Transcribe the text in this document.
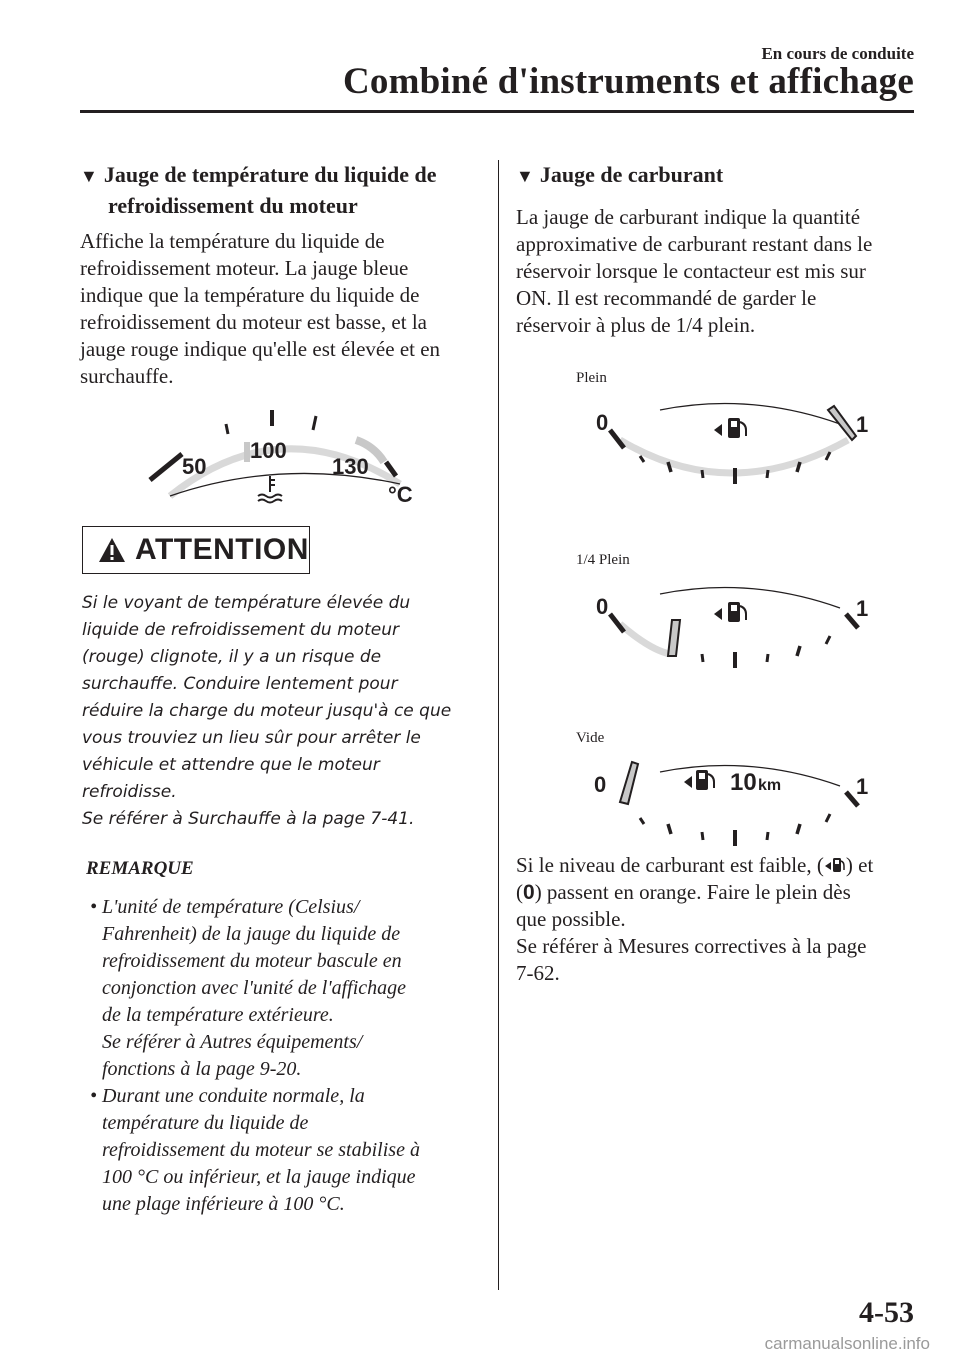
En cours de conduite
Combiné d'instruments et affichage
▼ Jauge de température du liquide de
refroidissement du moteur
Affiche la température du liquide de
refroidissement moteur. La jauge bleue
indique que la température du liquide de
refroidissement du moteur est basse, et la
jauge rouge indique qu'elle est élevée et en
surchauffe.
50
100
130
°C
ATTENTION
Si le voyant de température élevée du
liquide de refroidissement du moteur
(rouge) clignote, il y a un risque de
surchauffe. Conduire lentement pour
réduire la charge du moteur jusqu'à ce que
vous trouviez un lieu sûr pour arrêter le
véhicule et attendre que le moteur
refroidisse.
Se référer à Surchauffe à la page 7-41.
REMARQUE
• L'unité de température (Celsius/
Fahrenheit) de la jauge du liquide de
refroidissement du moteur bascule en
conjonction avec l'unité de l'affichage
de la température extérieure.
Se référer à Autres équipements/
fonctions à la page 9-20.
• Durant une conduite normale, la
température du liquide de
refroidissement du moteur se stabilise à
100 °C ou inférieur, et la jauge indique
une plage inférieure à 100 °C.
▼ Jauge de carburant
La jauge de carburant indique la quantité
approximative de carburant restant dans le
réservoir lorsque le contacteur est mis sur
ON. Il est recommandé de garder le
réservoir à plus de 1/4 plein.
Plein
1/4 Plein
Vide
0	1
0	1
0	1
10 km
Si le niveau de carburant est faible, ( ) et
(0) passent en orange. Faire le plein dès
que possible.
Se référer à Mesures correctives à la page
7-62.
4-53
carmanualsonline.info
